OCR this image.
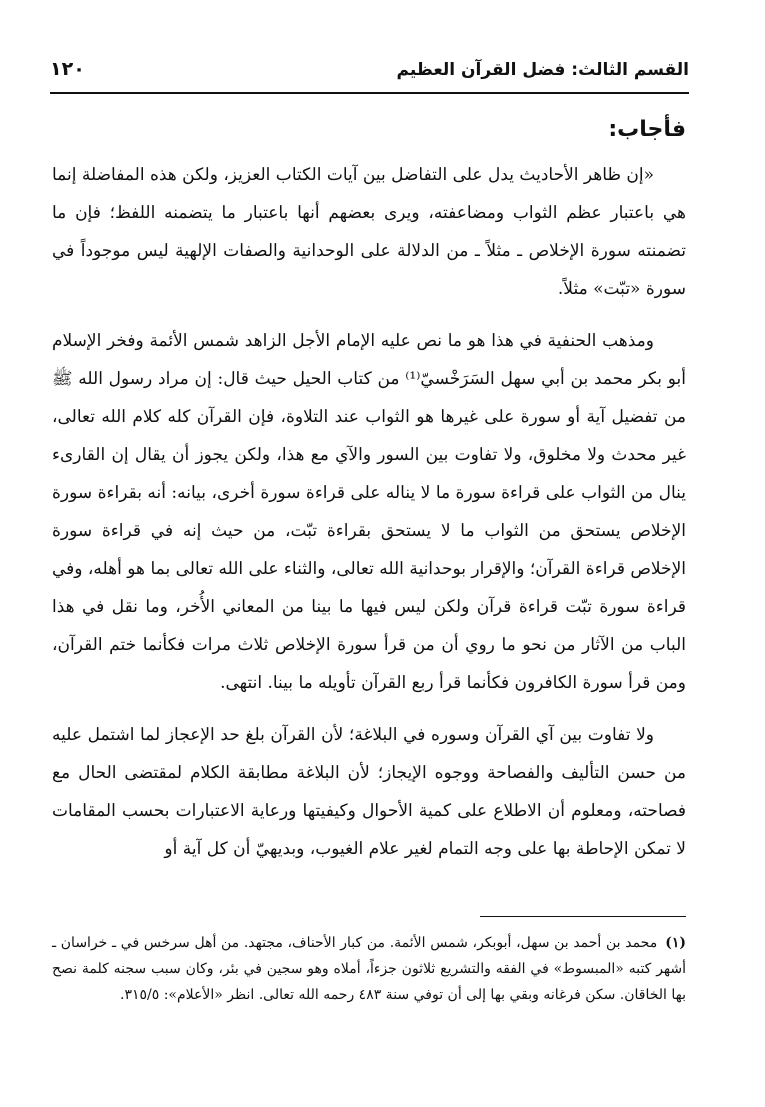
القسم الثالث: فضل القرآن العظيم
١٢٠
فأجاب:

«إن ظاهر الأحاديث يدل على التفاضل بين آيات الكتاب العزيز، ولكن هذه المفاضلة إنما هي باعتبار عظم الثواب ومضاعفته، ويرى بعضهم أنها باعتبار ما يتضمنه اللفظ؛ فإن ما تضمنته سورة الإخلاص ـ مثلاً ـ من الدلالة على الوحدانية والصفات الإلهية ليس موجوداً في سورة «تبّت» مثلاً.

ومذهب الحنفية في هذا هو ما نص عليه الإمام الأجل الزاهد شمس الأئمة وفخر الإسلام أبو بكر محمد بن أبي سهل السَرَخْسيّ⁽¹⁾ من كتاب الحيل حيث قال: إن مراد رسول الله ﷺ من تفضيل آية أو سورة على غيرها هو الثواب عند التلاوة، فإن القرآن كله كلام الله تعالى، غير محدث ولا مخلوق، ولا تفاوت بين السور والآي مع هذا، ولكن يجوز أن يقال إن القارىء ينال من الثواب على قراءة سورة ما لا يناله على قراءة سورة أخرى، بيانه: أنه بقراءة سورة الإخلاص يستحق من الثواب ما لا يستحق بقراءة تبّت، من حيث إنه في قراءة سورة الإخلاص قراءة القرآن؛ والإقرار بوحدانية الله تعالى، والثناء على الله تعالى بما هو أهله، وفي قراءة سورة تبّت قراءة قرآن ولكن ليس فيها ما بينا من المعاني الأُخر، وما نقل في هذا الباب من الآثار من نحو ما روي أن من قرأ سورة الإخلاص ثلاث مرات فكأنما ختم القرآن، ومن قرأ سورة الكافرون فكأنما قرأ ربع القرآن تأويله ما بينا. انتهى.

ولا تفاوت بين آي القرآن وسوره في البلاغة؛ لأن القرآن بلغ حد الإعجاز لما اشتمل عليه من حسن التأليف والفصاحة ووجوه الإيجاز؛ لأن البلاغة مطابقة الكلام لمقتضى الحال مع فصاحته، ومعلوم أن الاطلاع على كمية الأحوال وكيفيتها ورعاية الاعتبارات بحسب المقامات لا تمكن الإحاطة بها على وجه التمام لغير علام الغيوب، وبديهيّ أن كل آية أو

(١)محمد بن أحمد بن سهل، أبوبكر، شمس الأئمة. من كبار الأحناف، مجتهد. من أهل سرخس في ـ خراسان ـ أشهر كتبه «المبسوط» في الفقه والتشريع ثلاثون جزءاً، أملاه وهو سجين في بئر، وكان سبب سجنه كلمة نصح بها الخاقان. سكن فرغانه وبقي بها إلى أن توفي سنة ٤٨٣ رحمه الله تعالى. انظر «الأعلام»: ٣١٥/٥.
